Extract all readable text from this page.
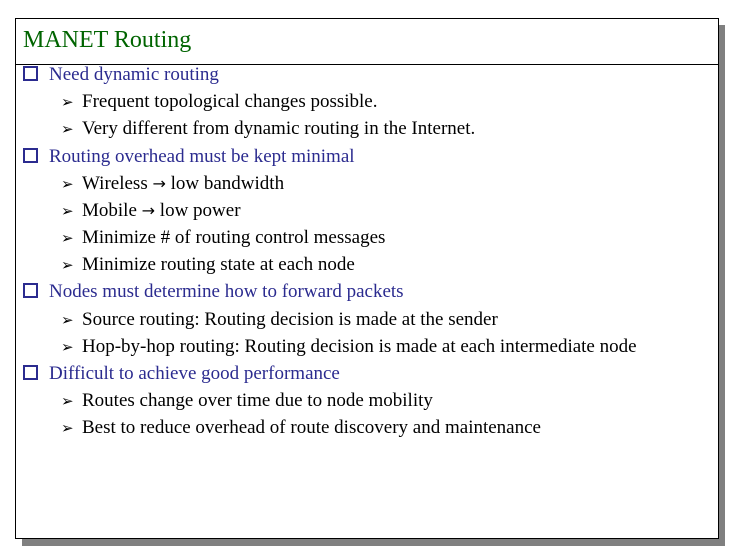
MANET Routing
Need dynamic routing
➢ Frequent topological changes possible.
➢ Very different from dynamic routing in the Internet.
Routing overhead must be kept minimal
➢ Wireless → low bandwidth
➢ Mobile → low power
➢ Minimize # of routing control messages
➢ Minimize routing state at each node
Nodes must determine how to forward packets
➢ Source routing: Routing decision is made at the sender
➢ Hop-by-hop routing: Routing decision is made at each intermediate node
Difficult to achieve good performance
➢ Routes change over time due to node mobility
➢ Best to reduce overhead of route discovery and maintenance
